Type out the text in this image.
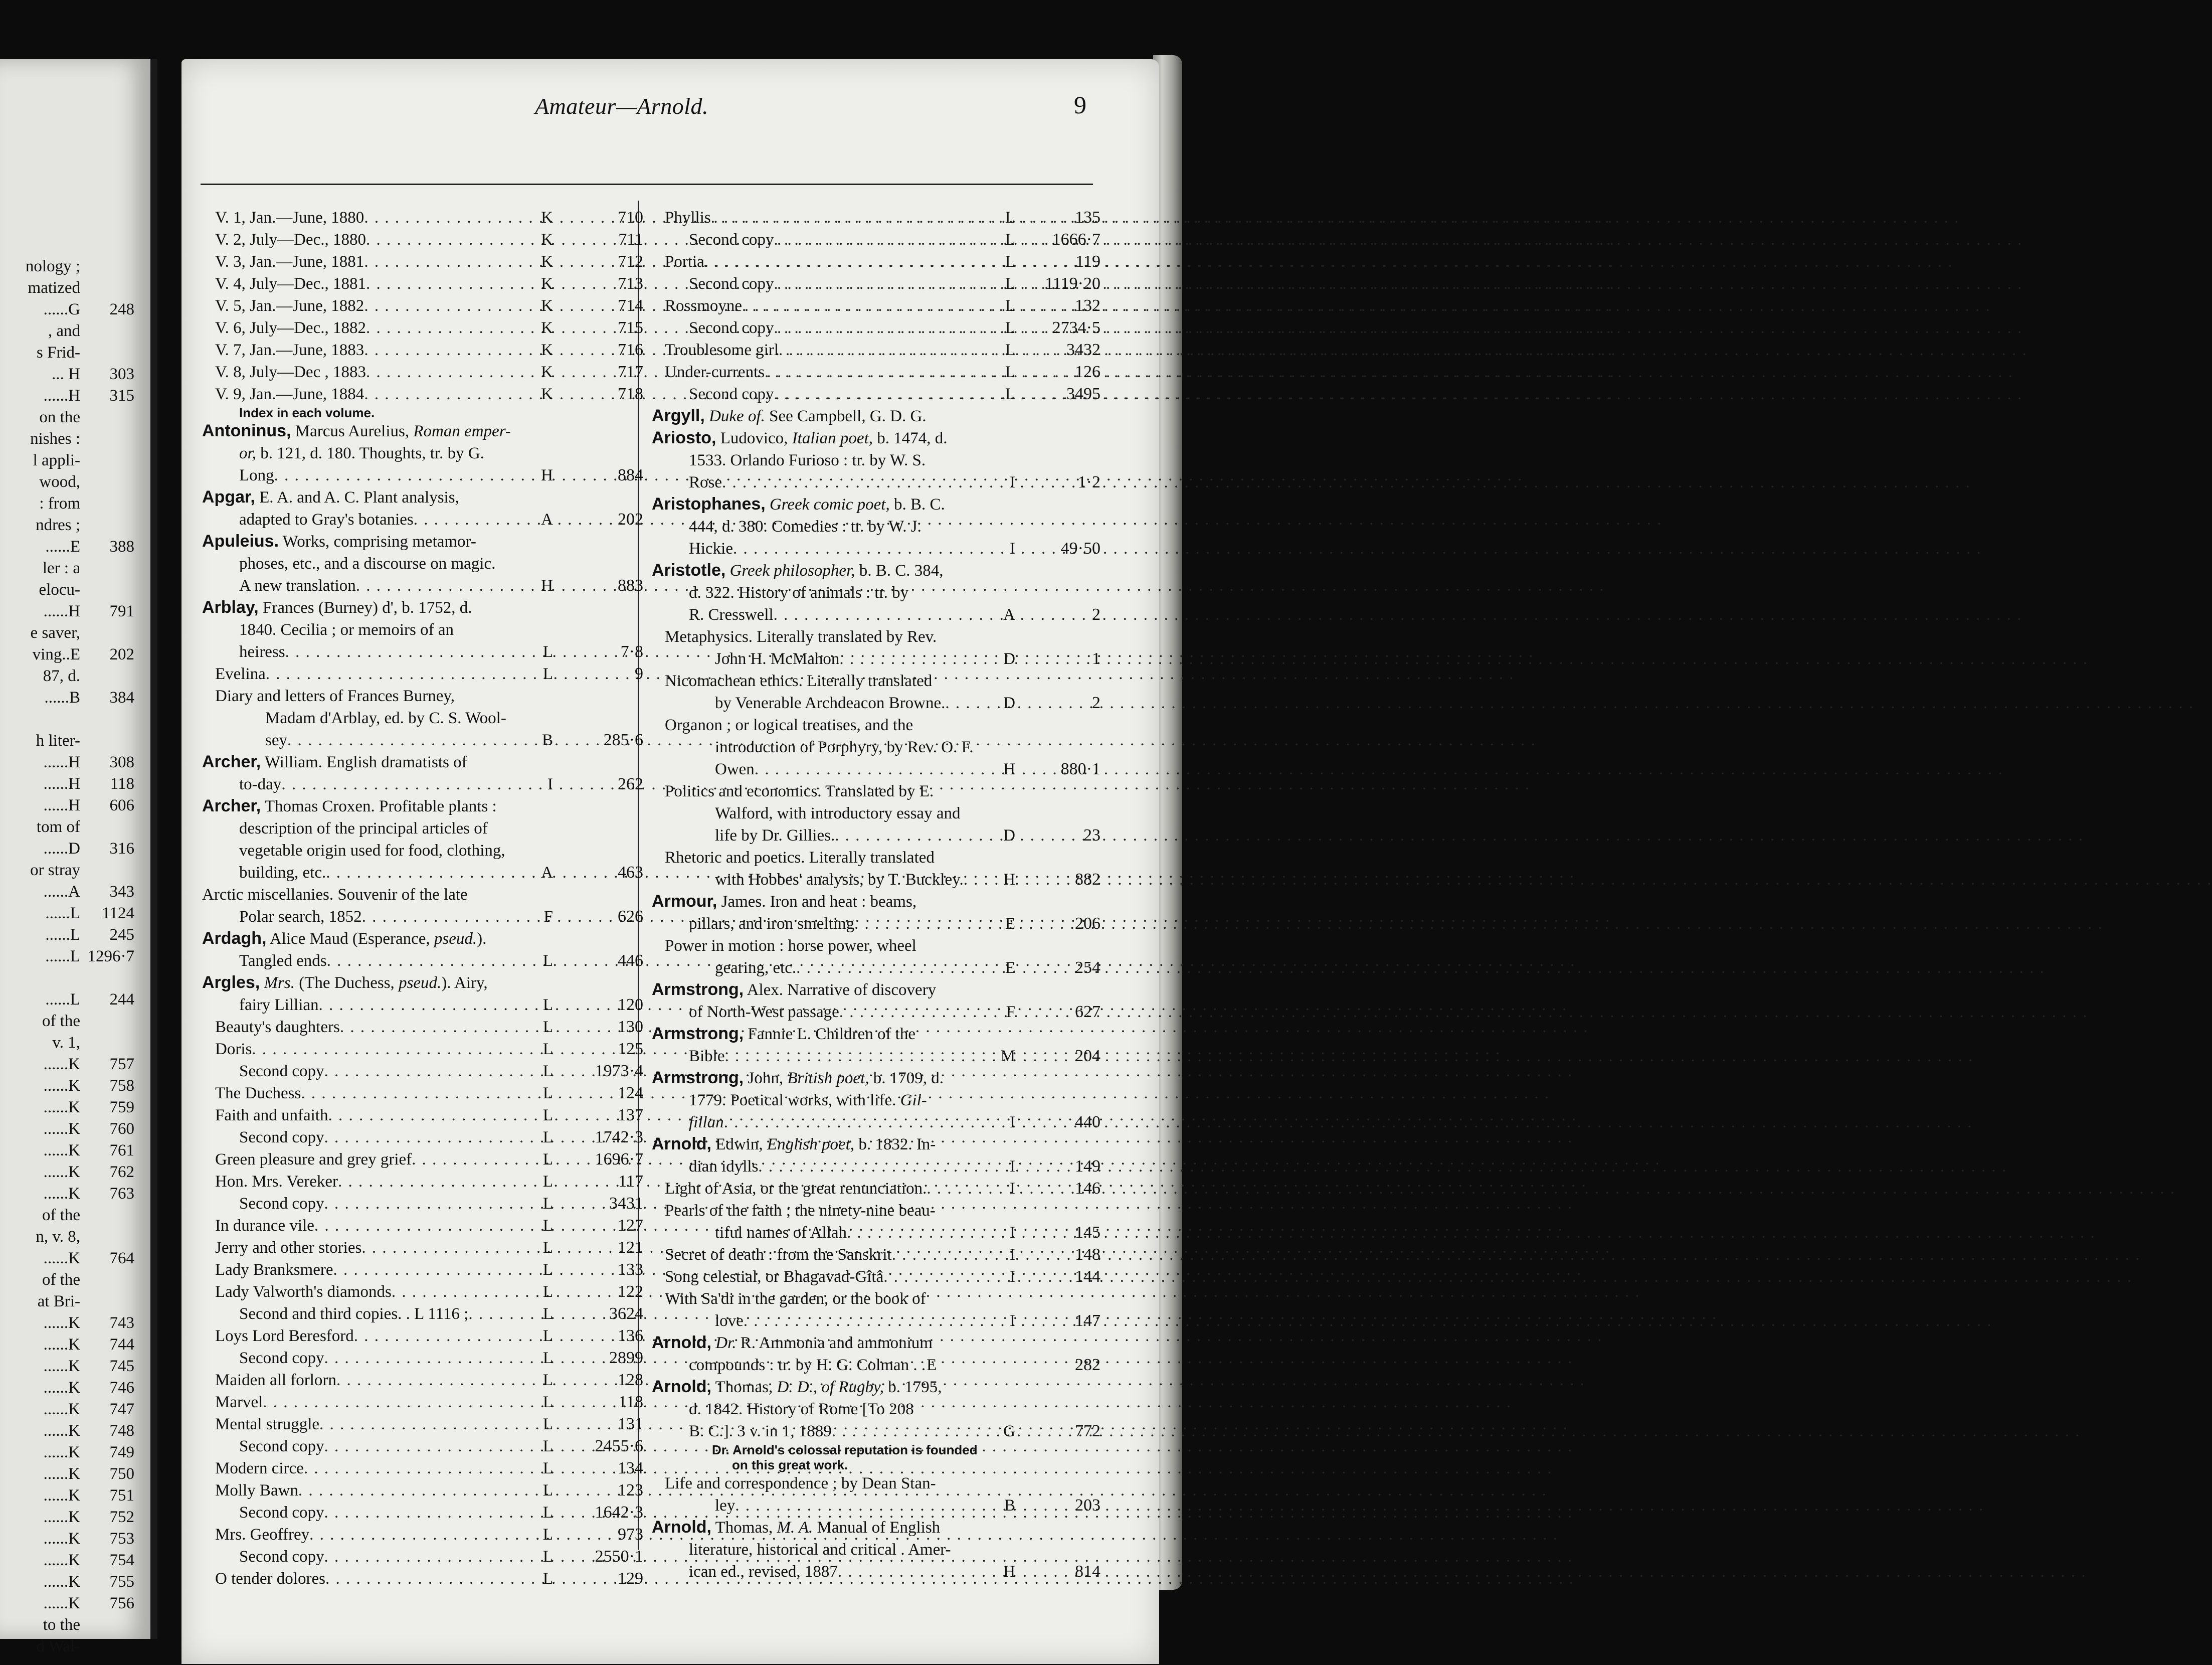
nology ;
matized
......G	248
, and
s Frid-
... H	303
......H	315
on the
nishes :
l appli-
wood,
: from
ndres ;
......E	388
ler : a
elocu-
......H	791
e saver,
ving..E	202
87, d.
......B	384
h liter-
......H	308
......H	118
......H	606
tom of
......D	316
or stray
......A	343
......L	1124
......L	245
......L 1296·7
......L	244
of the
v. 1,
......K	757
......K	758
......K	759
......K	760
......K	761
......K	762
......K	763
of the
n, v. 8,
......K	764
of the
at Bri-
......K	743
......K	744
......K	745
......K	746
......K	747
......K	748
......K	749
......K	750
......K	751
......K	752
......K	753
......K	754
......K	755
......K	756
to the
d Wal-
Amateur—Arnold.	9
V. 1, Jan.—June, 1880 . . .	K	710
V. 2, July—Dec., 1880 . . .	K	711
V. 3, Jan.—June, 1881 . . .	K	712
V. 4, July—Dec., 1881 . . .	K	713
V. 5, Jan.—June, 1882 . . .	K	714
V. 6, July—Dec., 1882 . . .	K	715
V. 7, Jan.—June, 1883 . . .	K	716
V. 8, July—Dec , 1883 . . .	K	717
V. 9, Jan.—June, 1884 . . .	K	718
Index in each volume.
Antoninus, Marcus Aurelius, Roman emper-
or, b. 121, d. 180. Thoughts, tr. by G.
Long . . .	H	884
Apgar, E. A. and A. C. Plant analysis,
adapted to Gray's botanies . . .	A	202
Apuleius. Works, comprising metamor-
phoses, etc., and a discourse on magic.
A new translation . . .	H	883
Arblay, Frances (Burney) d', b. 1752, d.
1840. Cecilia ; or memoirs of an
heiress . . .	L	7·8
Evelina . . .	L	9
Diary and letters of Frances Burney,
Madam d'Arblay, ed. by C. S. Wool-
sey . . .	B	285·6
Archer, William. English dramatists of
to-day . . .	I	262
Archer, Thomas Croxen. Profitable plants :
description of the principal articles of
vegetable origin used for food, clothing,
building, etc. . . .	A	463
Arctic miscellanies. Souvenir of the late
Polar search, 1852 . . .	F	626
Ardagh, Alice Maud (Esperance, pseud.).
Tangled ends . . .	L	446
Argles, Mrs. (The Duchess, pseud.). Airy,
fairy Lillian . . .	L	120
Beauty's daughters . . .	L	130
Doris . . .	L	125
Second copy . . .	L	1973·4
The Duchess . . .	L	124
Faith and unfaith . . .	L	137
Second copy . . .	L	1742·3
Green pleasure and grey grief . . .	L	1696·7
Hon. Mrs. Vereker . . .	L	117
Second copy . . .	L	3431
In durance vile . . .	L	127
Jerry and other stories . . .	L	121
Lady Branksmere . . .	L	133
Lady Valworth's diamonds . . .	L	122
Second and third copies. . L 1116 ; . . .	L	3624
Loys Lord Beresford . . .	L	136
Second copy . . .	L	2899
Maiden all forlorn . . .	L	128
Marvel . . .	L	118
Mental struggle . . .	L	131
Second copy . . .	L	2455·6
Modern circe . . .	L	134
Molly Bawn . . .	L	123
Second copy . . .	L	1642·3
Mrs. Geoffrey . . .	L	973
Second copy . . .	L	2550·1
O tender dolores . . .	L	129
Phyllis . . .	L	135
Second copy . . .	L	1666·7
Portia . . .	L	119
Second copy . . .	L	1119·20
Rossmoyne . . .	L	132
Second copy . . .	L	2734·5
Troublesome girl . . .	L	3432
Under-currents . . .	L	126
Second copy . . .	L	3495
Argyll, Duke of. See Campbell, G. D. G.
Ariosto, Ludovico, Italian poet, b. 1474, d.
1533. Orlando Furioso : tr. by W. S.
Rose . . .	I	1·2
Aristophanes, Greek comic poet, b. B. C.
444, d. 380. Comedies : tr. by W. J.
Hickie . . .	I	49·50
Aristotle, Greek philosopher, b. B. C. 384,
d. 322. History of animals : tr. by
R. Cresswell . . .	A	2
Metaphysics. Literally translated by Rev.
John H. McMahon . . .	D	1
Nicomachean ethics. Literally translated
by Venerable Archdeacon Browne. . . .	D	2
Organon ; or logical treatises, and the
introduction of Porphyry, by Rev. O. F.
Owen . . .	H	880·1
Politics and economics. Translated by E.
Walford, with introductory essay and
life by Dr. Gillies. . . .	D	23
Rhetoric and poetics. Literally translated
with Hobbes' analysis, by T. Buckley. . . . H	882
Armour, James. Iron and heat : beams,
pillars, and iron smelting . . .	E	206
Power in motion : horse power, wheel
gearing, etc. . . .	E	254
Armstrong, Alex. Narrative of discovery
of North-West passage . . .	F	627
Armstrong, Fannie L. Children of the
Bible . . .	M	204
Armstrong, John, British poet, b. 1709, d.
1779. Poetical works, with life. Gil-
fillan . . .	I	440
Arnold, Edwin, English poet, b. 1832. In-
dian idylls . . .	I	149
Light of Asia, or the great renunciation. . . .	I	146
Pearls of the faith ; the ninety-nine beau-
tiful names of Allah . . .	I	145
Secret of death : from the Sanskrit . . .	I	148
Song celestial, or Bhagavad-Gîtâ . . .	I	144
With Sa'di in the garden, or the book of
love . . .	I	147
Arnold, Dr. R. Ammonia and ammonium
compounds : tr. by H. G. Colman . . E	282
Arnold, Thomas, D. D., of Rugby, b. 1795,
d. 1842. History of Rome [To 208
B. C.]. 3 v. in 1, 1889 . . .	G	772
Dr. Arnold's colossal reputation is founded
on this great work.
Life and correspondence ; by Dean Stan-
ley . . .	B	203
Arnold, Thomas, M. A. Manual of English
literature, historical and critical . Amer-
ican ed., revised, 1887 . . .	H	814
